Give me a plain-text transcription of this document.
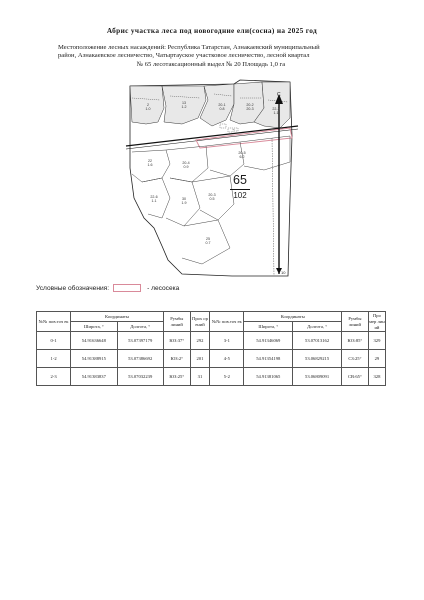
Абрис участка леса под новогодние ели(сосна) на 2025 год
Местоположение лесных насаждений: Республика Татарстан, Азнакаевский муниципальный
район, Азнакаевское лесничество, Чатыртауское участковое лесничество, лесной квартал
№ 65 лесотаксационный выдел № 20 Площадь 1,0 га
2
1.0
13
1.2	20-1
0.8
20-2
20-3	22-3
1.1
22
1.6	20-4
0.9
20-5
6.2
22-6
1.1	30
1.9
20-3
0.5
25
0.7
65
102
С
10
Условные обозначения:	- лесосека
№№ пов.точ ек	Координаты		Румбы линий	Прох ор ений	№№ пов.точ ек	Координаты		Румбы линий	Про мер лин ий
	Широта, °	Долгота, °				Широта, °	Долгота, °		
0-1	54.91636648	53.07397179	ЮЗ:37°	292	3-1	54.91346069	53.07013162	ЮЗ:85°	329
1-2	54.91388915	53.07386692	ЮЗ:2°	201	4-5	54.91354198	53.06829215	СЗ:25°	29
2-3	54.91383837	53.07032239	ЮЗ:25°	31	5-2	54.91381065	53.06809091	СВ:65°	328
